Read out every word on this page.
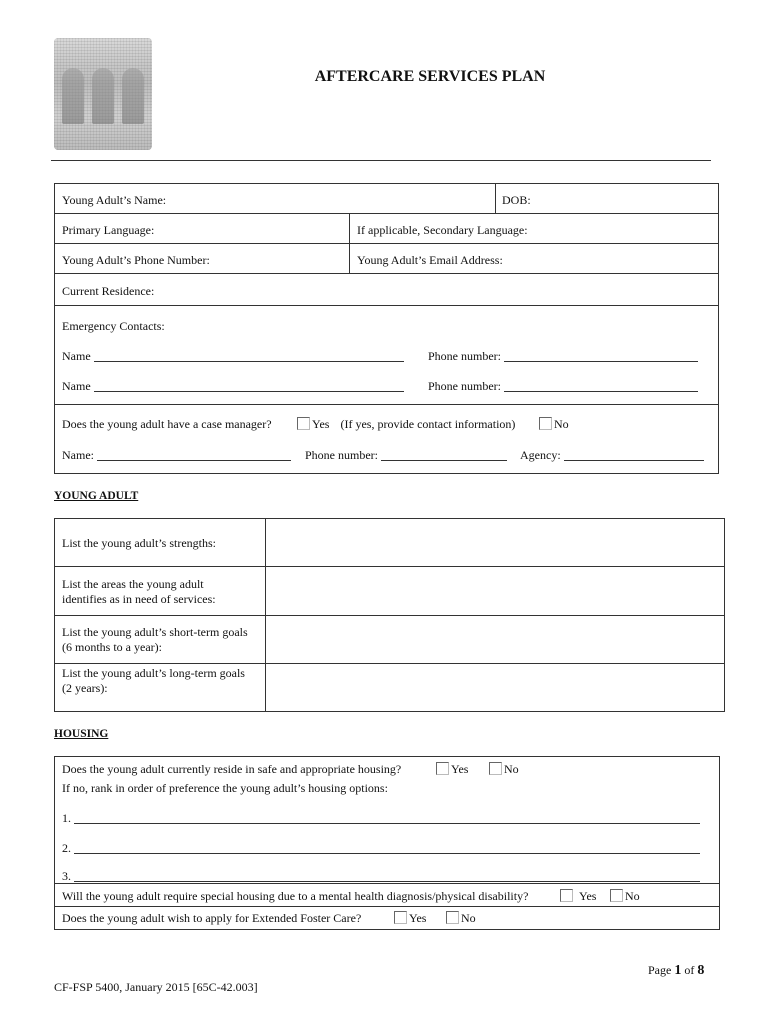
AFTERCARE SERVICES PLAN
Young Adult’s Name:	DOB:
Primary Language:	If applicable, Secondary Language:
Young Adult’s Phone Number:	Young Adult’s Email Address:
Current Residence:
Emergency Contacts:
Name	Phone number:
Name	Phone number:
Does the young adult have a case manager?	Yes (If yes, provide contact information)	No
Name:	Phone number:	Agency:
YOUNG ADULT
List the young adult’s strengths:
List the areas the young adult
identifies as in need of services:
List the young adult’s short-term goals
(6 months to a year):
List the young adult’s long-term goals
(2 years):
HOUSING
Does the young adult currently reside in safe and appropriate housing?	Yes	No
If no, rank in order of preference the young adult’s housing options:
1.
2.
3.
Will the young adult require special housing due to a mental health diagnosis/physical disability?	Yes	No
Does the young adult wish to apply for Extended Foster Care?	Yes	No
Page 1 of 8
CF-FSP 5400, January 2015 [65C-42.003]
